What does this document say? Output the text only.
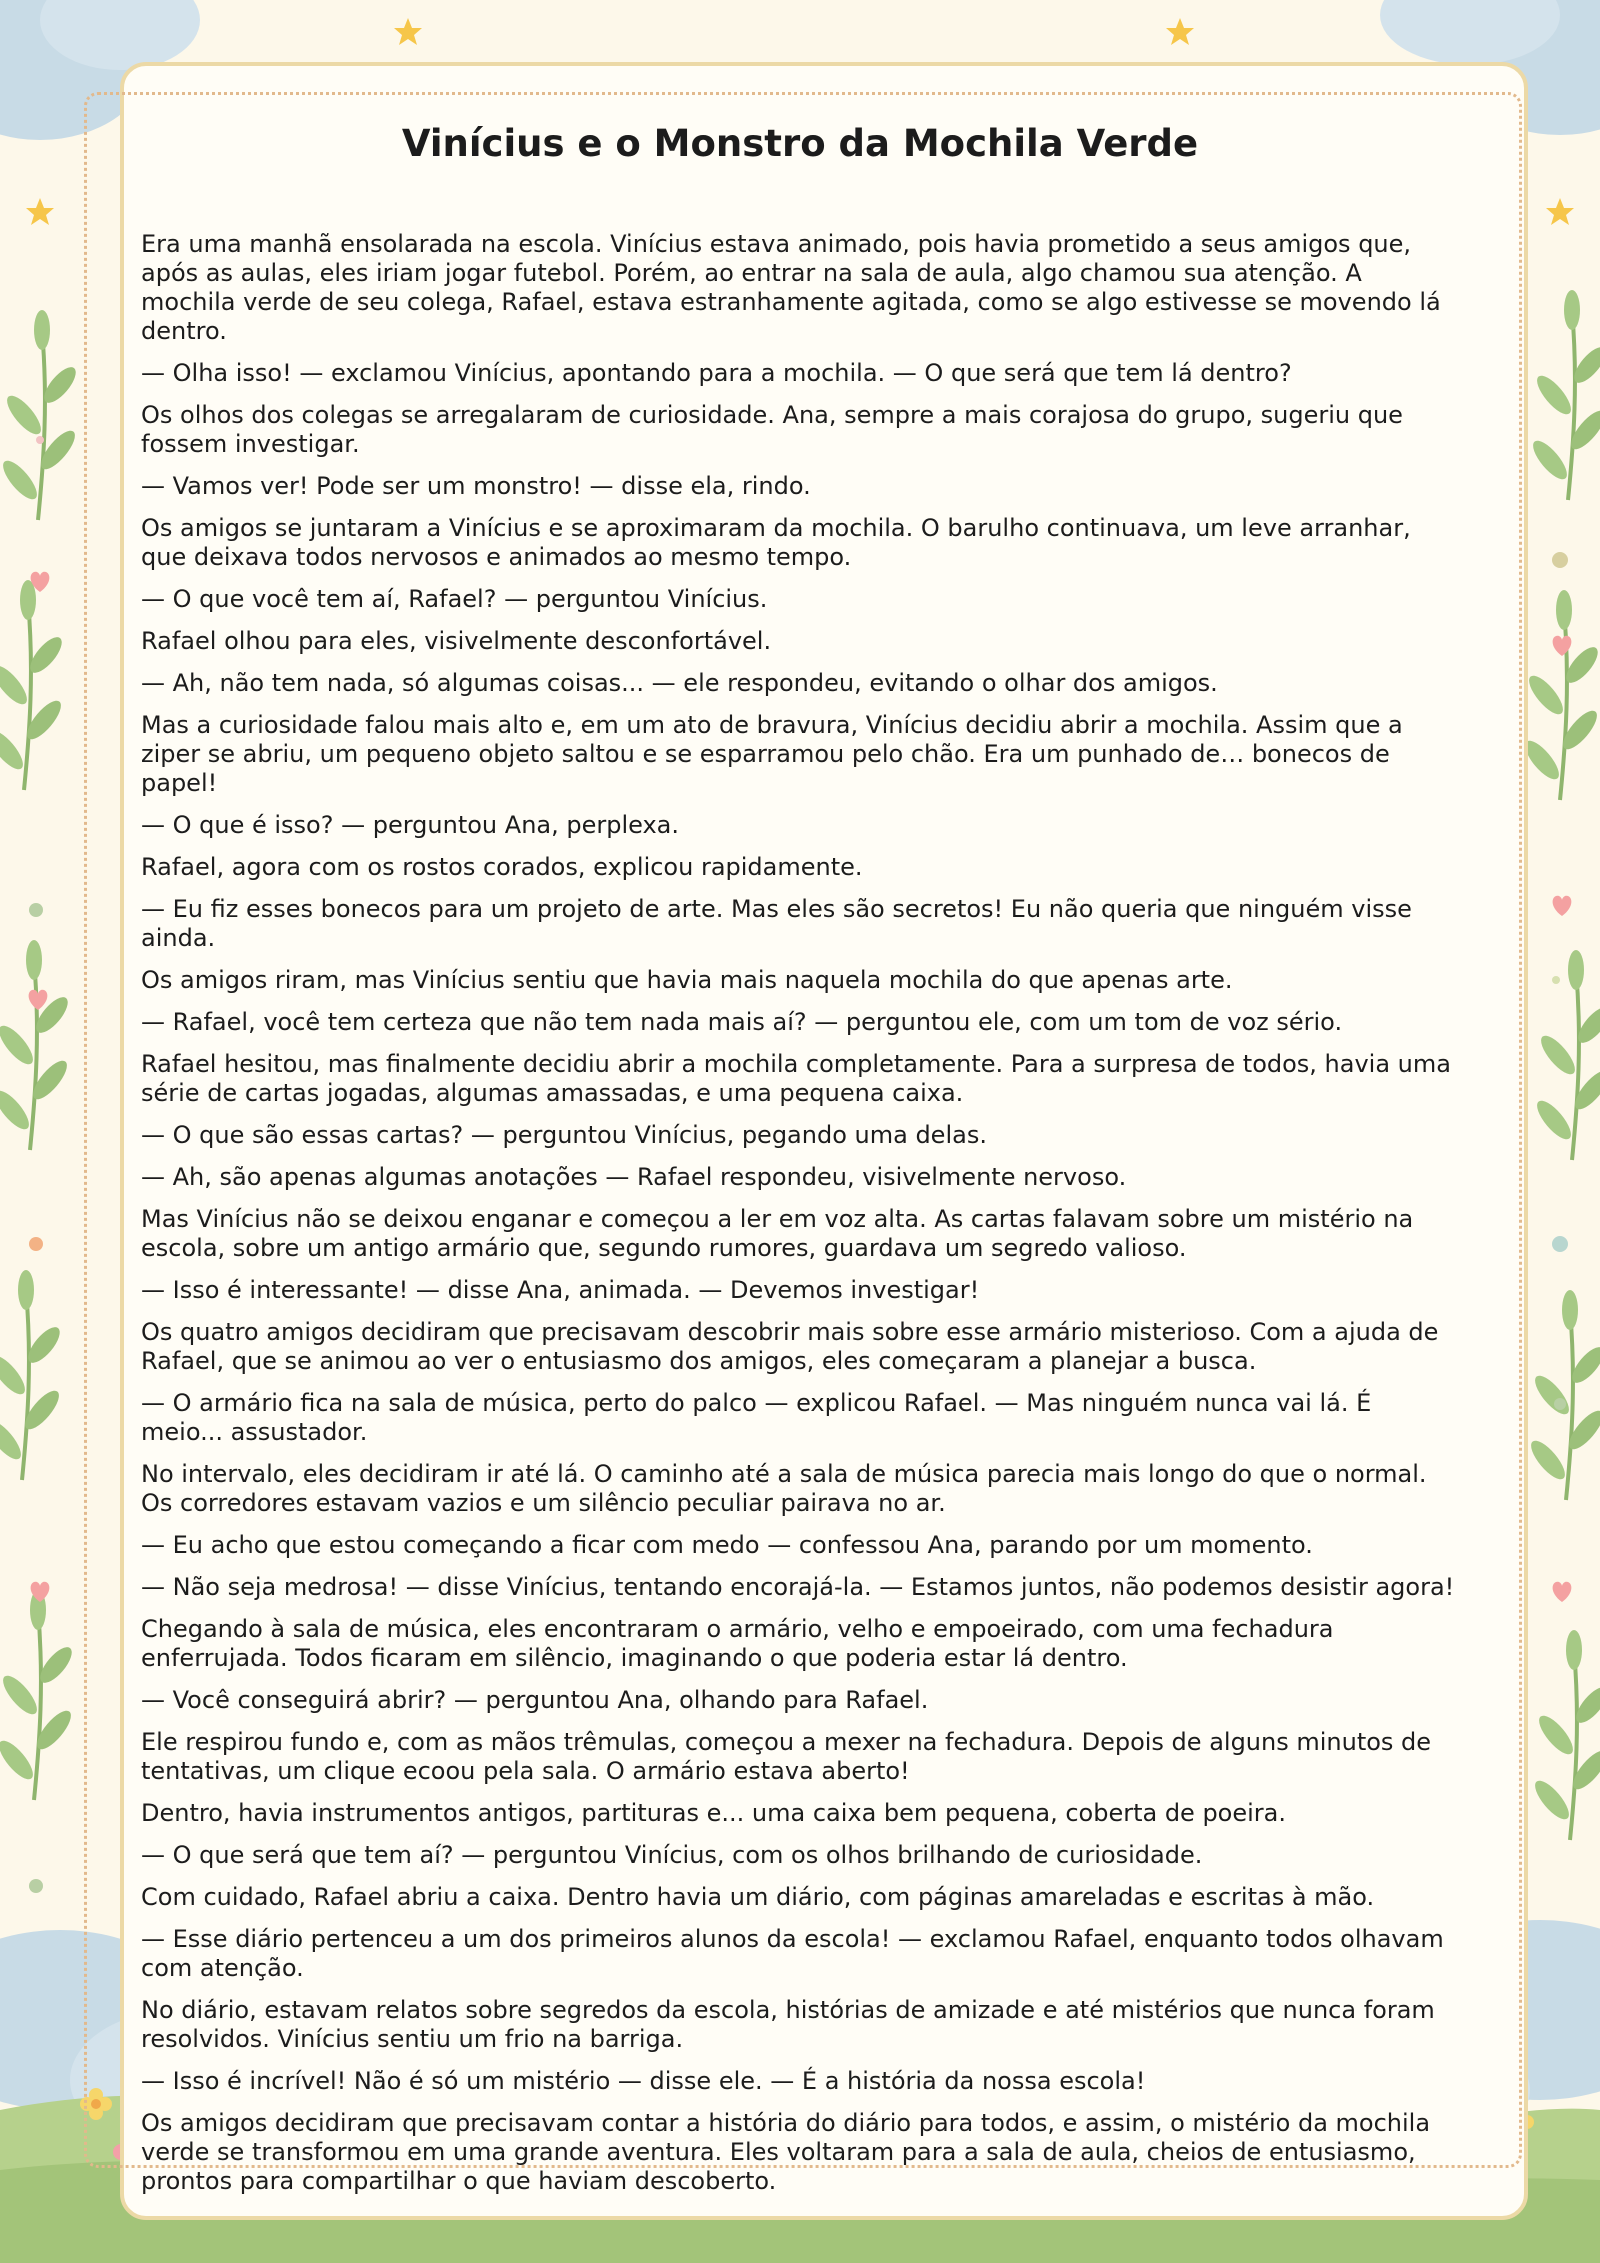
Vinícius e o Monstro da Mochila Verde

Era uma manhã ensolarada na escola. Vinícius estava animado, pois havia prometido a seus amigos que, após as aulas, eles iriam jogar futebol. Porém, ao entrar na sala de aula, algo chamou sua atenção. A mochila verde de seu colega, Rafael, estava estranhamente agitada, como se algo estivesse se movendo lá dentro.

— Olha isso! — exclamou Vinícius, apontando para a mochila. — O que será que tem lá dentro?

Os olhos dos colegas se arregalaram de curiosidade. Ana, sempre a mais corajosa do grupo, sugeriu que fossem investigar.

— Vamos ver! Pode ser um monstro! — disse ela, rindo.

Os amigos se juntaram a Vinícius e se aproximaram da mochila. O barulho continuava, um leve arranhar, que deixava todos nervosos e animados ao mesmo tempo.

— O que você tem aí, Rafael? — perguntou Vinícius.

Rafael olhou para eles, visivelmente desconfortável.

— Ah, não tem nada, só algumas coisas... — ele respondeu, evitando o olhar dos amigos.

Mas a curiosidade falou mais alto e, em um ato de bravura, Vinícius decidiu abrir a mochila. Assim que a ziper se abriu, um pequeno objeto saltou e se esparramou pelo chão. Era um punhado de… bonecos de papel!

— O que é isso? — perguntou Ana, perplexa.

Rafael, agora com os rostos corados, explicou rapidamente.

— Eu fiz esses bonecos para um projeto de arte. Mas eles são secretos! Eu não queria que ninguém visse ainda.

Os amigos riram, mas Vinícius sentiu que havia mais naquela mochila do que apenas arte.

— Rafael, você tem certeza que não tem nada mais aí? — perguntou ele, com um tom de voz sério.

Rafael hesitou, mas finalmente decidiu abrir a mochila completamente. Para a surpresa de todos, havia uma série de cartas jogadas, algumas amassadas, e uma pequena caixa.

— O que são essas cartas? — perguntou Vinícius, pegando uma delas.

— Ah, são apenas algumas anotações — Rafael respondeu, visivelmente nervoso.

Mas Vinícius não se deixou enganar e começou a ler em voz alta. As cartas falavam sobre um mistério na escola, sobre um antigo armário que, segundo rumores, guardava um segredo valioso.

— Isso é interessante! — disse Ana, animada. — Devemos investigar!

Os quatro amigos decidiram que precisavam descobrir mais sobre esse armário misterioso. Com a ajuda de Rafael, que se animou ao ver o entusiasmo dos amigos, eles começaram a planejar a busca.

— O armário fica na sala de música, perto do palco — explicou Rafael. — Mas ninguém nunca vai lá. É meio... assustador.

No intervalo, eles decidiram ir até lá. O caminho até a sala de música parecia mais longo do que o normal. Os corredores estavam vazios e um silêncio peculiar pairava no ar.

— Eu acho que estou começando a ficar com medo — confessou Ana, parando por um momento.

— Não seja medrosa! — disse Vinícius, tentando encorajá-la. — Estamos juntos, não podemos desistir agora!

Chegando à sala de música, eles encontraram o armário, velho e empoeirado, com uma fechadura enferrujada. Todos ficaram em silêncio, imaginando o que poderia estar lá dentro.

— Você conseguirá abrir? — perguntou Ana, olhando para Rafael.

Ele respirou fundo e, com as mãos trêmulas, começou a mexer na fechadura. Depois de alguns minutos de tentativas, um clique ecoou pela sala. O armário estava aberto!

Dentro, havia instrumentos antigos, partituras e... uma caixa bem pequena, coberta de poeira.

— O que será que tem aí? — perguntou Vinícius, com os olhos brilhando de curiosidade.

Com cuidado, Rafael abriu a caixa. Dentro havia um diário, com páginas amareladas e escritas à mão.

— Esse diário pertenceu a um dos primeiros alunos da escola! — exclamou Rafael, enquanto todos olhavam com atenção.

No diário, estavam relatos sobre segredos da escola, histórias de amizade e até mistérios que nunca foram resolvidos. Vinícius sentiu um frio na barriga.

— Isso é incrível! Não é só um mistério — disse ele. — É a história da nossa escola!

Os amigos decidiram que precisavam contar a história do diário para todos, e assim, o mistério da mochila verde se transformou em uma grande aventura. Eles voltaram para a sala de aula, cheios de entusiasmo, prontos para compartilhar o que haviam descoberto.
